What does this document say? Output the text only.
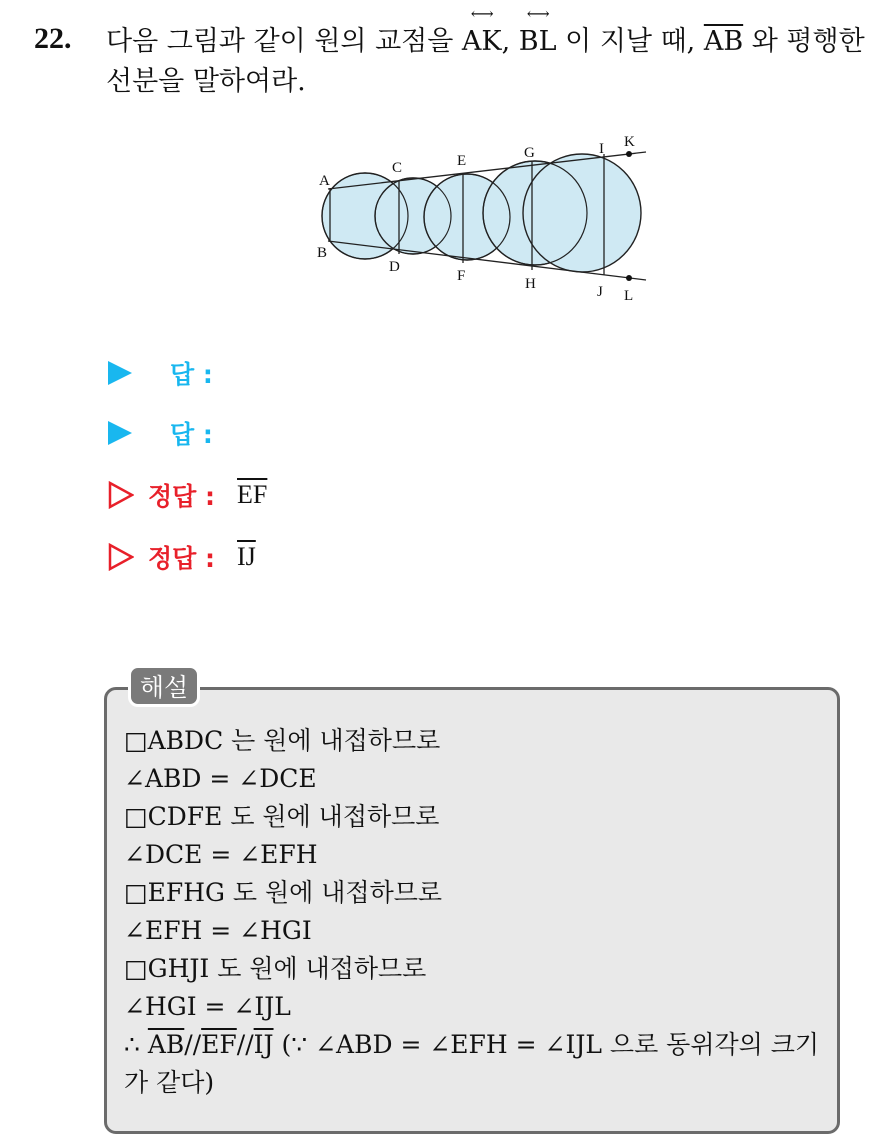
22. 다음 그림과 같이 원의 교점을
⟷
AK,
⟷
BL 이 지날 때, $\overline{AB}$ 와 평행한 선분을 말하여라.
A
B
C
D
E
F
G
H
I
J
K
L
답 :
답 :
정답 : $\overline{EF}$
정답 : $\overline{IJ}$
해설
□ABDC 는 원에 내접하므로
∠ABD = ∠DCE
□CDFE 도 원에 내접하므로
∠DCE = ∠EFH
□EFHG 도 원에 내접하므로
∠EFH = ∠HGI
□GHJI 도 원에 내접하므로
∠HGI = ∠IJL
∴ $\overline{AB}//\overline{EF}//\overline{IJ}$ (∵ ∠ABD = ∠EFH = ∠IJL 으로 동위각의 크기가 같다)
